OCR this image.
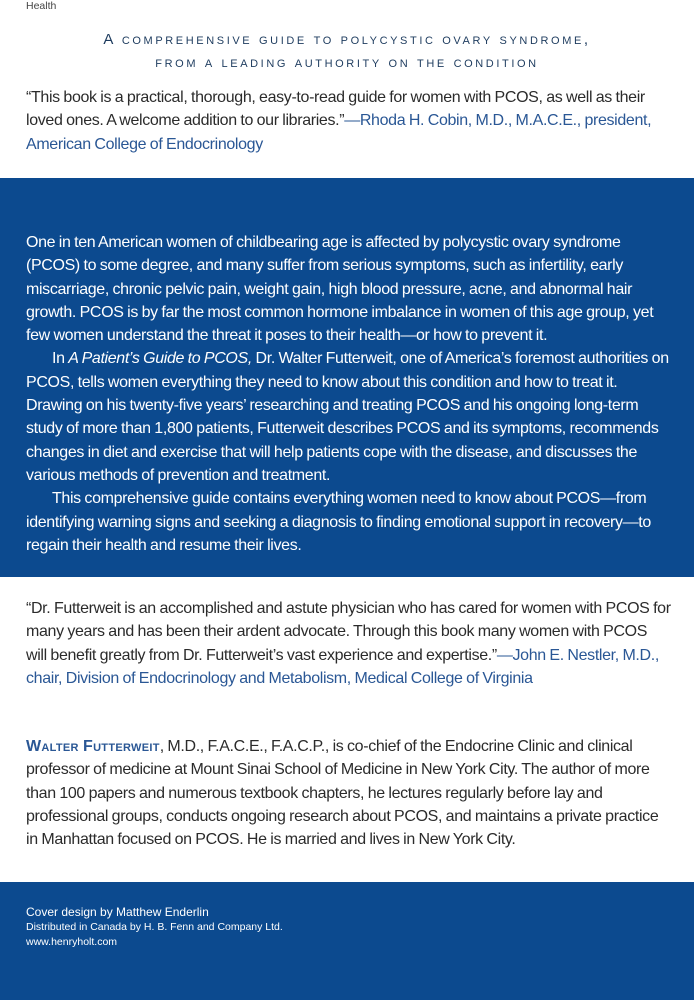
Health
A comprehensive guide to polycystic ovary syndrome,
from a leading authority on the condition
“This book is a practical, thorough, easy-to-read guide for women with PCOS, as well as their loved ones. A welcome addition to our libraries.”—Rhoda H. Cobin, M.D., M.A.C.E., president, American College of Endocrinology

One in ten American women of childbearing age is affected by polycystic ovary syndrome (PCOS) to some degree, and many suffer from serious symptoms, such as infertility, early miscarriage, chronic pelvic pain, weight gain, high blood pressure, acne, and abnormal hair growth. PCOS is by far the most common hormone imbalance in women of this age group, yet few women understand the threat it poses to their health—or how to prevent it.

In A Patient’s Guide to PCOS, Dr. Walter Futterweit, one of America’s foremost authorities on PCOS, tells women everything they need to know about this condition and how to treat it. Drawing on his twenty-five years’ researching and treating PCOS and his ongoing long-term study of more than 1,800 patients, Futterweit describes PCOS and its symptoms, recommends changes in diet and exercise that will help patients cope with the disease, and discusses the various methods of prevention and treatment.

This comprehensive guide contains everything women need to know about PCOS—from identifying warning signs and seeking a diagnosis to finding emotional support in recovery—to regain their health and resume their lives.

“Dr. Futterweit is an accomplished and astute physician who has cared for women with PCOS for many years and has been their ardent advocate. Through this book many women with PCOS will benefit greatly from Dr. Futterweit’s vast experience and expertise.”—John E. Nestler, M.D., chair, Division of Endocrinology and Metabolism, Medical College of Virginia
Walter Futterweit, M.D., F.A.C.E., F.A.C.P., is co-chief of the Endocrine Clinic and clinical professor of medicine at Mount Sinai School of Medicine in New York City. The author of more than 100 papers and numerous textbook chapters, he lectures regularly before lay and professional groups, conducts ongoing research about PCOS, and maintains a private practice in Manhattan focused on PCOS. He is married and lives in New York City.
Cover design by Matthew Enderlin
Distributed in Canada by H. B. Fenn and Company Ltd.
www.henryholt.com
